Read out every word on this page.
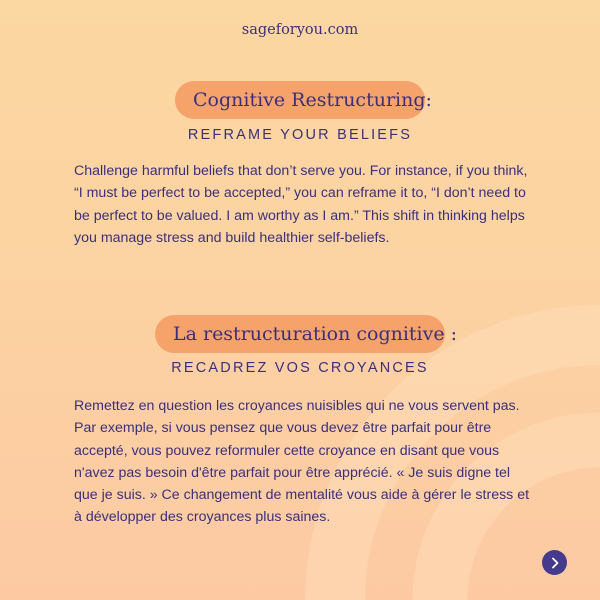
sageforyou.com
Cognitive Restructuring:
REFRAME YOUR BELIEFS
Challenge harmful beliefs that don’t serve you. For instance, if you think, “I must be perfect to be accepted,” you can reframe it to, “I don’t need to be perfect to be valued. I am worthy as I am.” This shift in thinking helps you manage stress and build healthier self-beliefs.
La restructuration cognitive :
RECADREZ VOS CROYANCES
Remettez en question les croyances nuisibles qui ne vous servent pas. Par exemple, si vous pensez que vous devez être parfait pour être accepté, vous pouvez reformuler cette croyance en disant que vous n'avez pas besoin d'être parfait pour être apprécié. « Je suis digne tel que je suis. » Ce changement de mentalité vous aide à gérer le stress et à développer des croyances plus saines.
